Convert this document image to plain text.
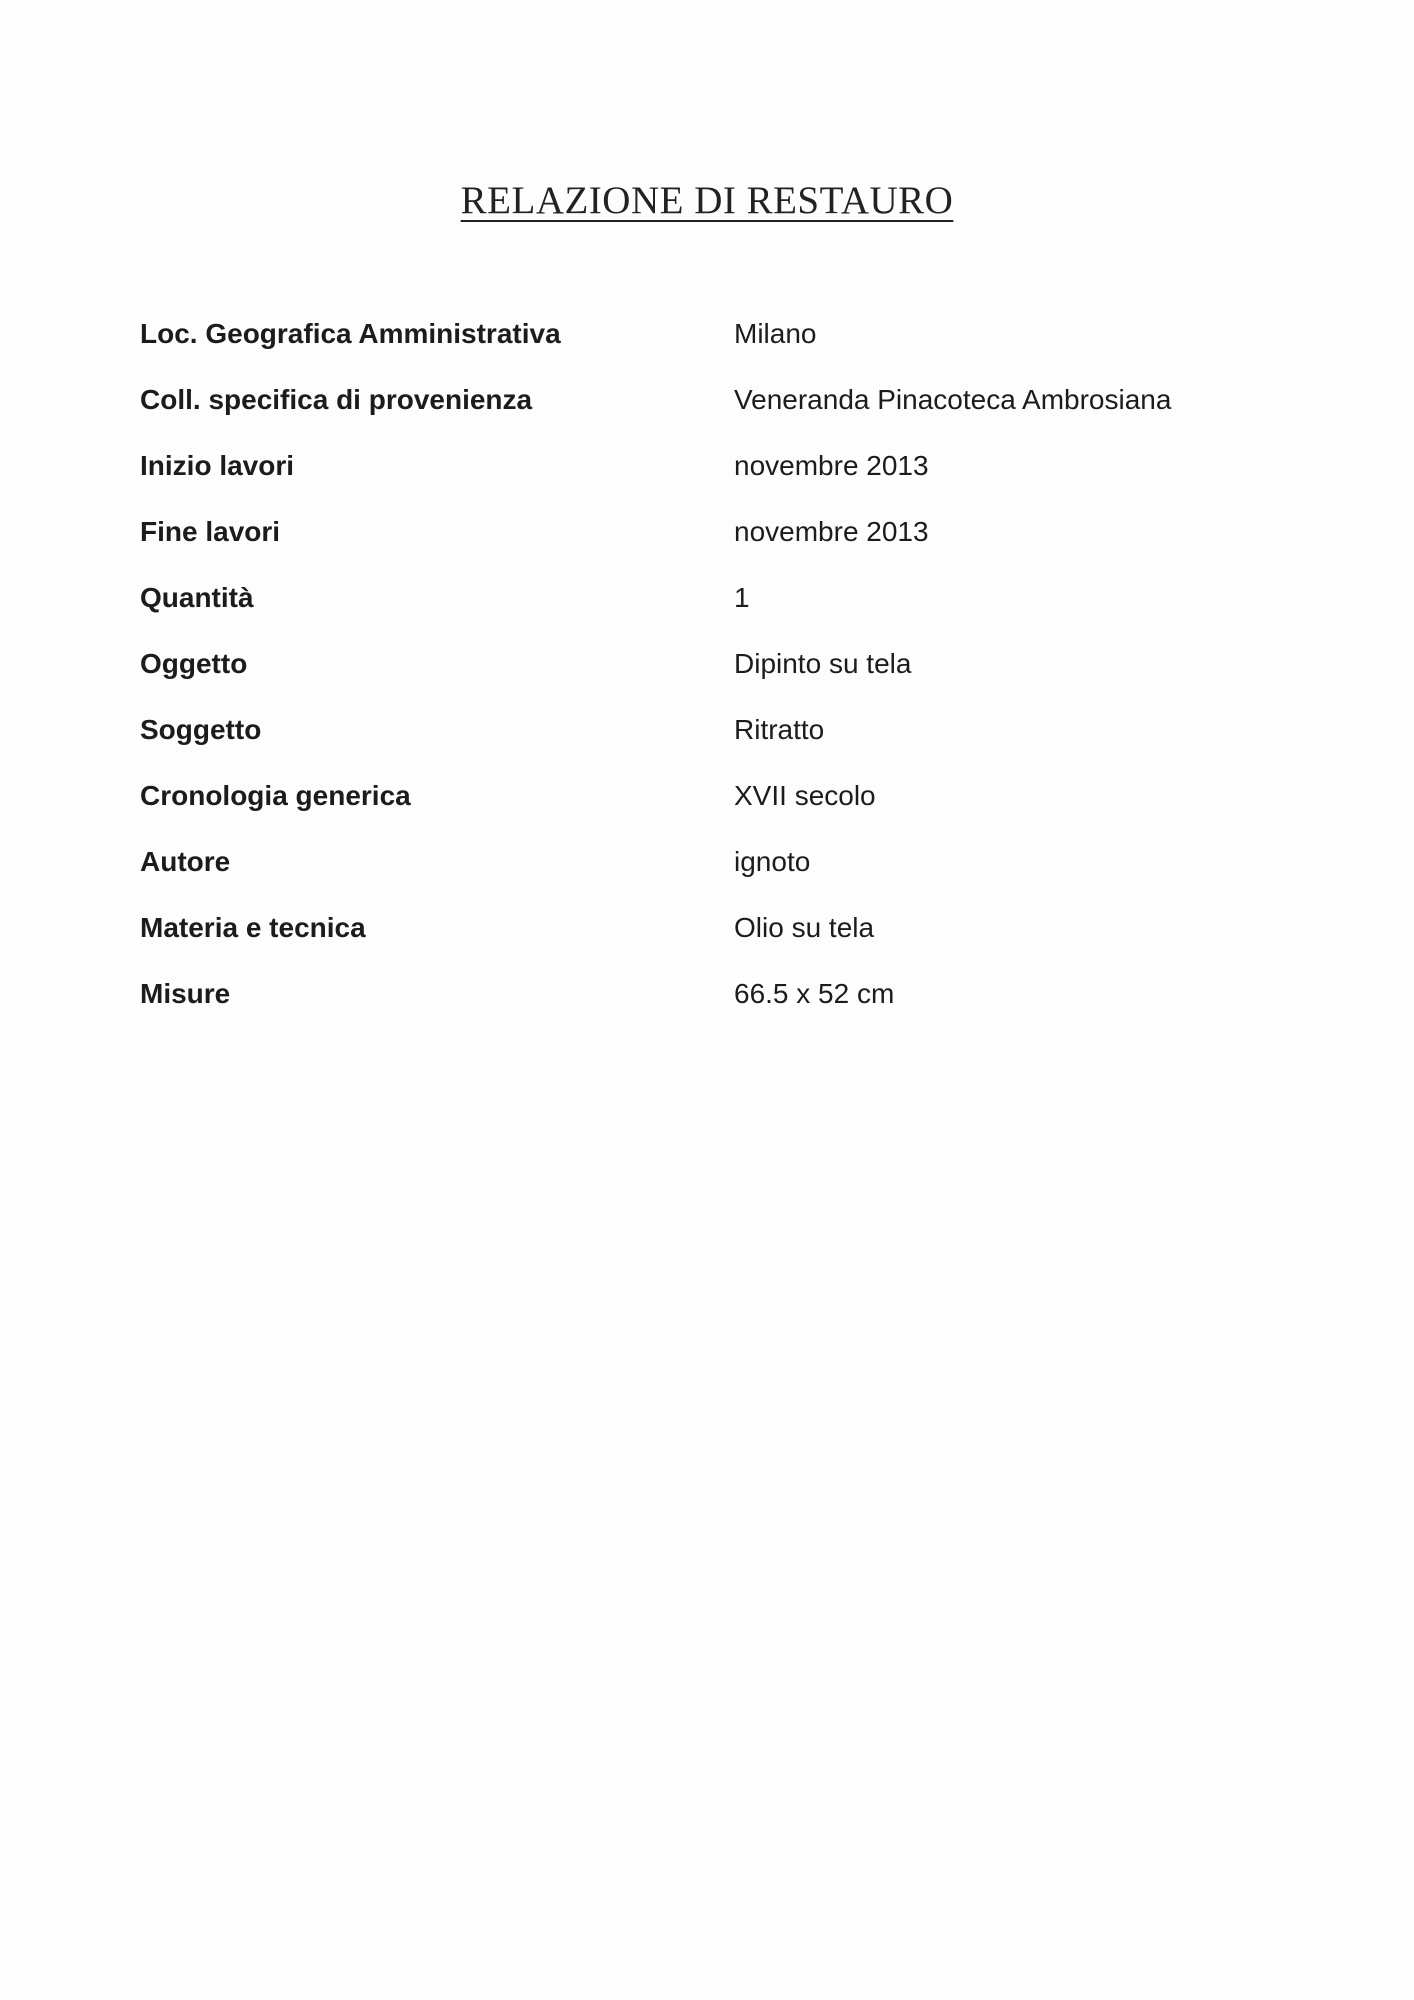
RELAZIONE DI RESTAURO
Loc. Geografica Amministrativa	Milano
Coll. specifica di provenienza	Veneranda Pinacoteca Ambrosiana
Inizio lavori	novembre 2013
Fine lavori	novembre 2013
Quantità	1
Oggetto	Dipinto su tela
Soggetto	Ritratto
Cronologia generica	XVII secolo
Autore	ignoto
Materia e tecnica	Olio su tela
Misure	66.5 x 52 cm
